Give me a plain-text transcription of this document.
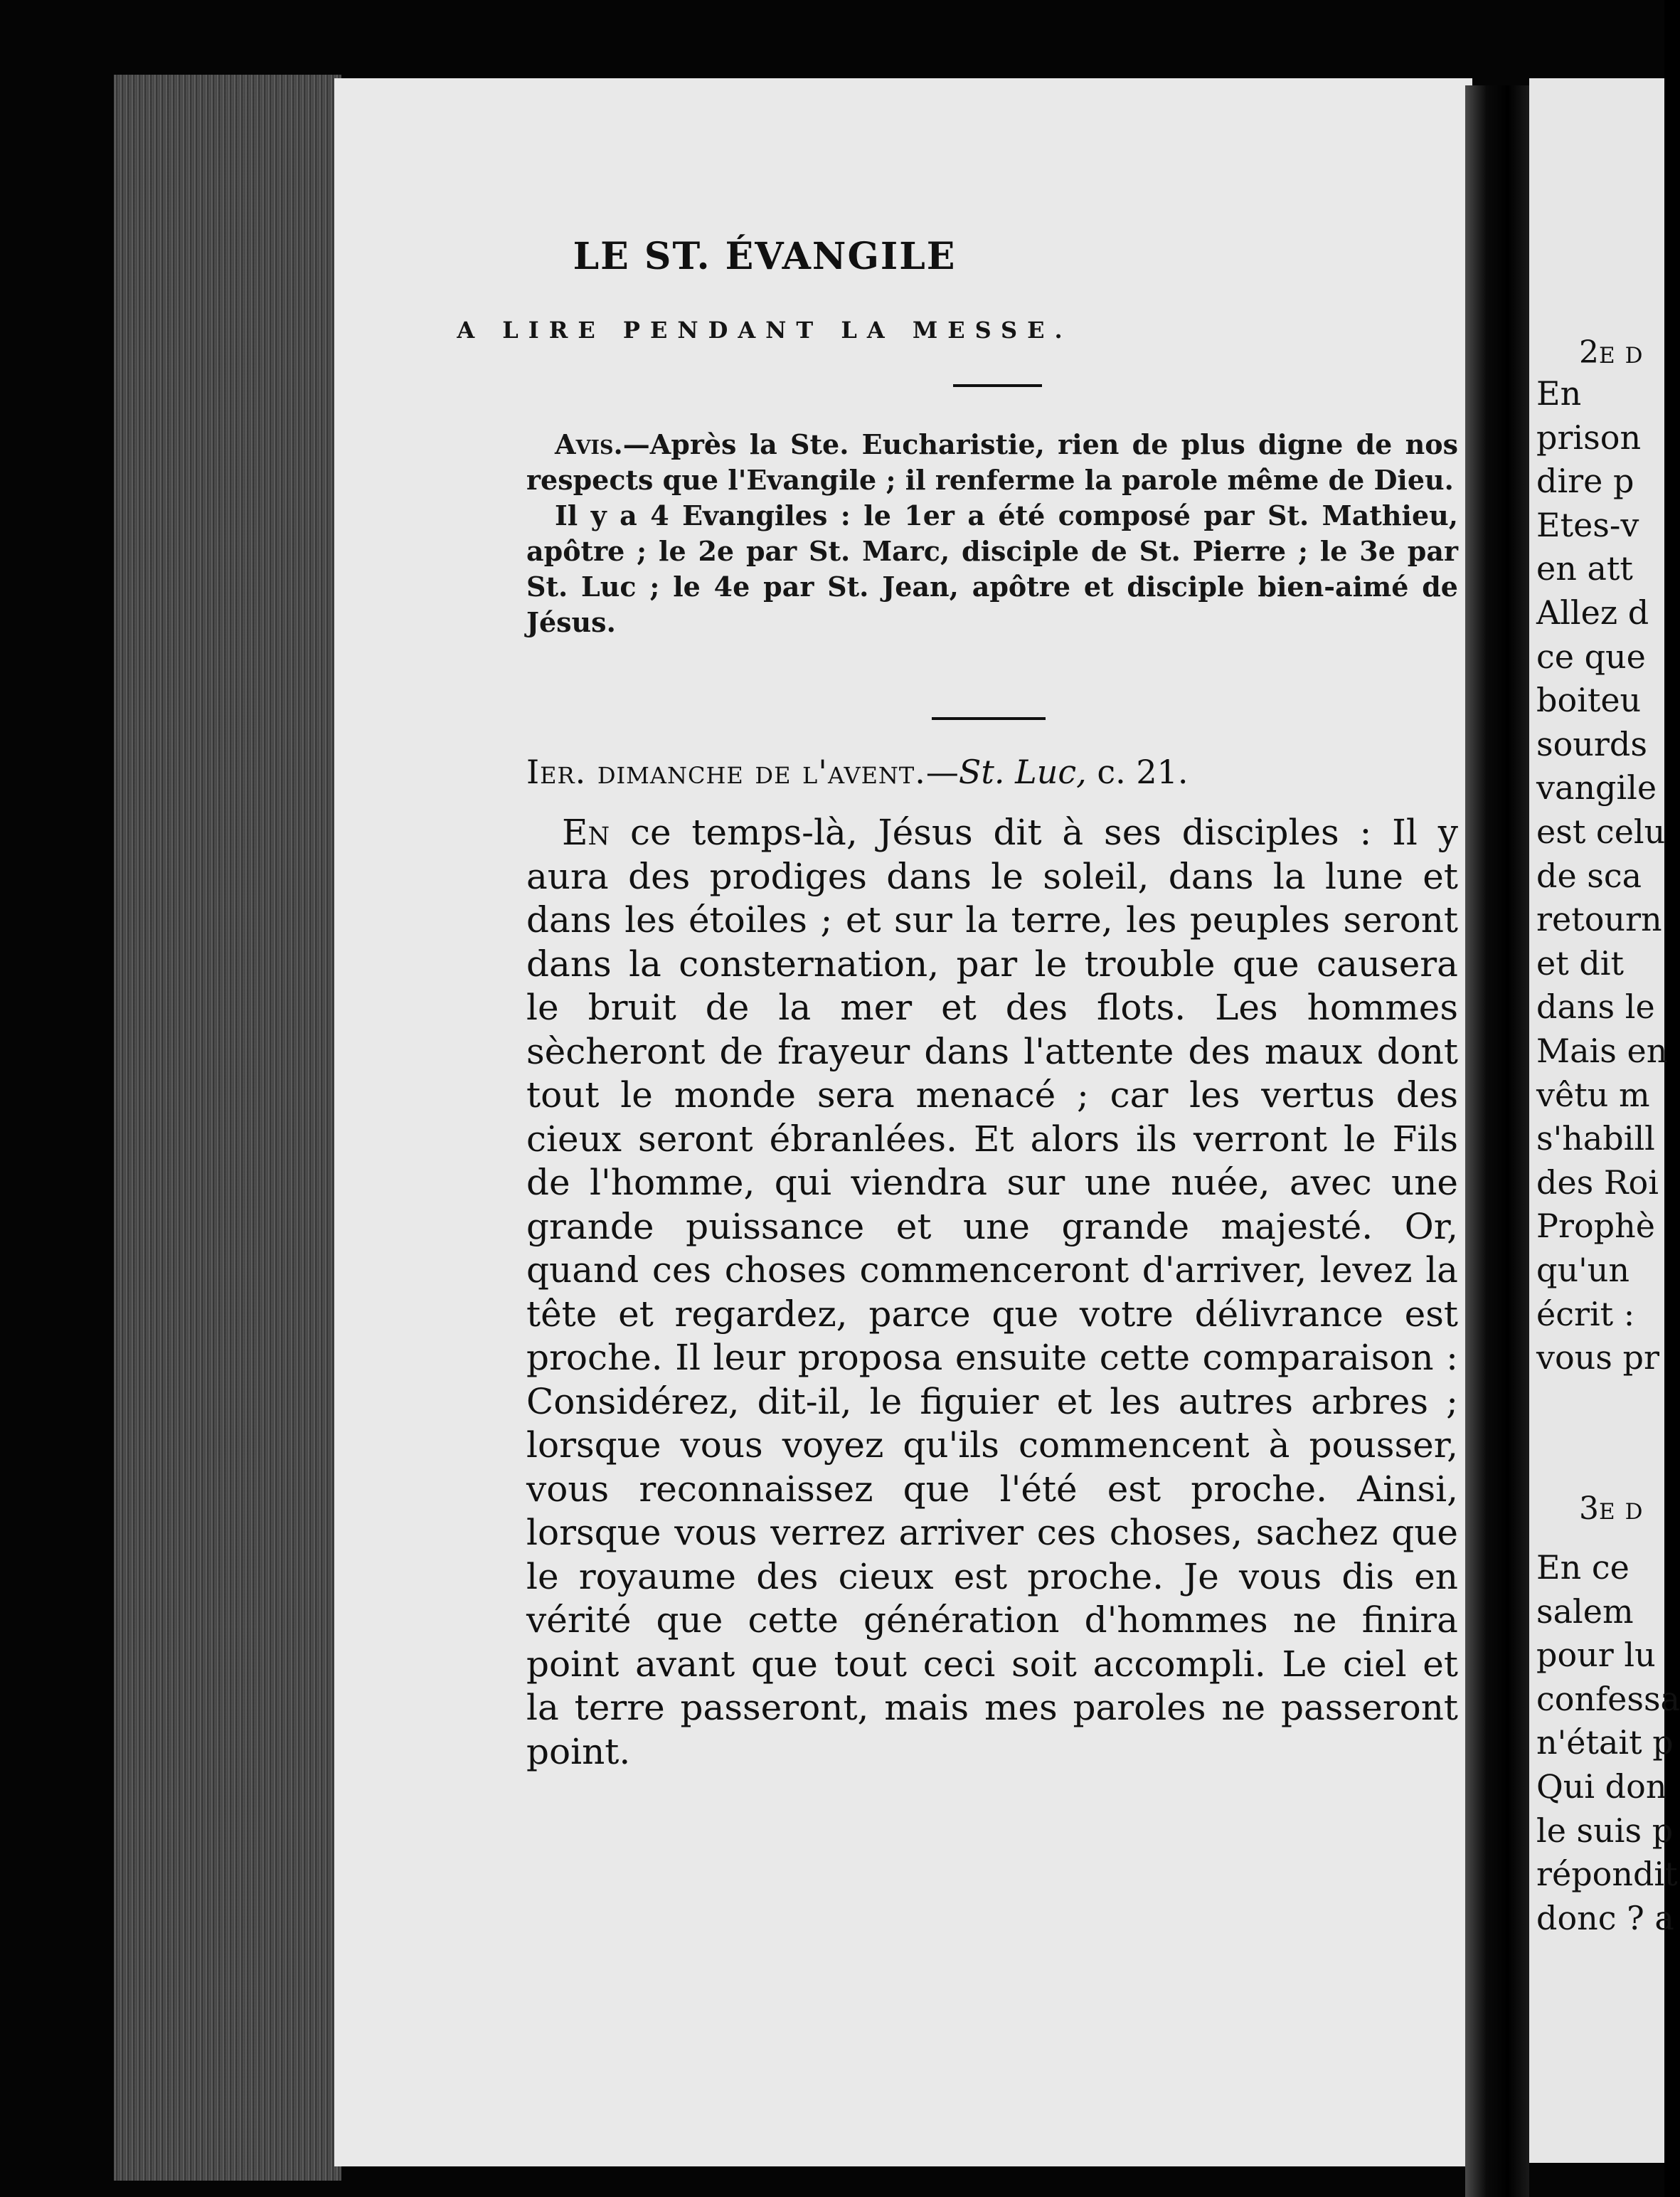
LE ST. ÉVANGILE
A LIRE PENDANT LA MESSE.

Avis.—Après la Ste. Eucharistie, rien de plus digne de nos respects que l'Evangile ; il renferme la parole même de Dieu.

Il y a 4 Evangiles : le 1er a été composé par St. Mathieu, apôtre ; le 2e par St. Marc, disciple de St. Pierre ; le 3e par St. Luc ; le 4e par St. Jean, apôtre et disciple bien-aimé de Jésus.

Ier. dimanche de l'avent.—St. Luc, c. 21.

En ce temps-là, Jésus dit à ses disciples : Il y aura des prodiges dans le soleil, dans la lune et dans les étoiles ; et sur la terre, les peuples seront dans la consternation, par le trouble que causera le bruit de la mer et des flots. Les hommes sècheront de frayeur dans l'attente des maux dont tout le monde sera menacé ; car les vertus des cieux seront ébranlées. Et alors ils verront le Fils de l'homme, qui viendra sur une nuée, avec une grande puissance et une grande majesté. Or, quand ces choses commenceront d'arriver, levez la tête et regardez, parce que votre délivrance est proche. Il leur proposa ensuite cette comparaison : Considérez, dit-il, le figuier et les autres arbres ; lorsque vous voyez qu'ils commencent à pousser, vous reconnaissez que l'été est proche. Ainsi, lorsque vous verrez arriver ces choses, sachez que le royaume des cieux est proche. Je vous dis en vérité que cette génération d'hommes ne finira point avant que tout ceci soit accompli. Le ciel et la terre passeront, mais mes paroles ne passeront point.

2e d
En
prison
dire p
Etes-v
en att
Allez d
ce que
boiteu
sourds
vangile
est celu
de sca
retourn
et dit
dans le
Mais en
vêtu m
s'habill
des Roi
Prophè
qu'un
écrit :
vous pr
3e d
En ce
salem
pour lu
confessa
n'était p
Qui don
le suis p
répondit
donc ? a
